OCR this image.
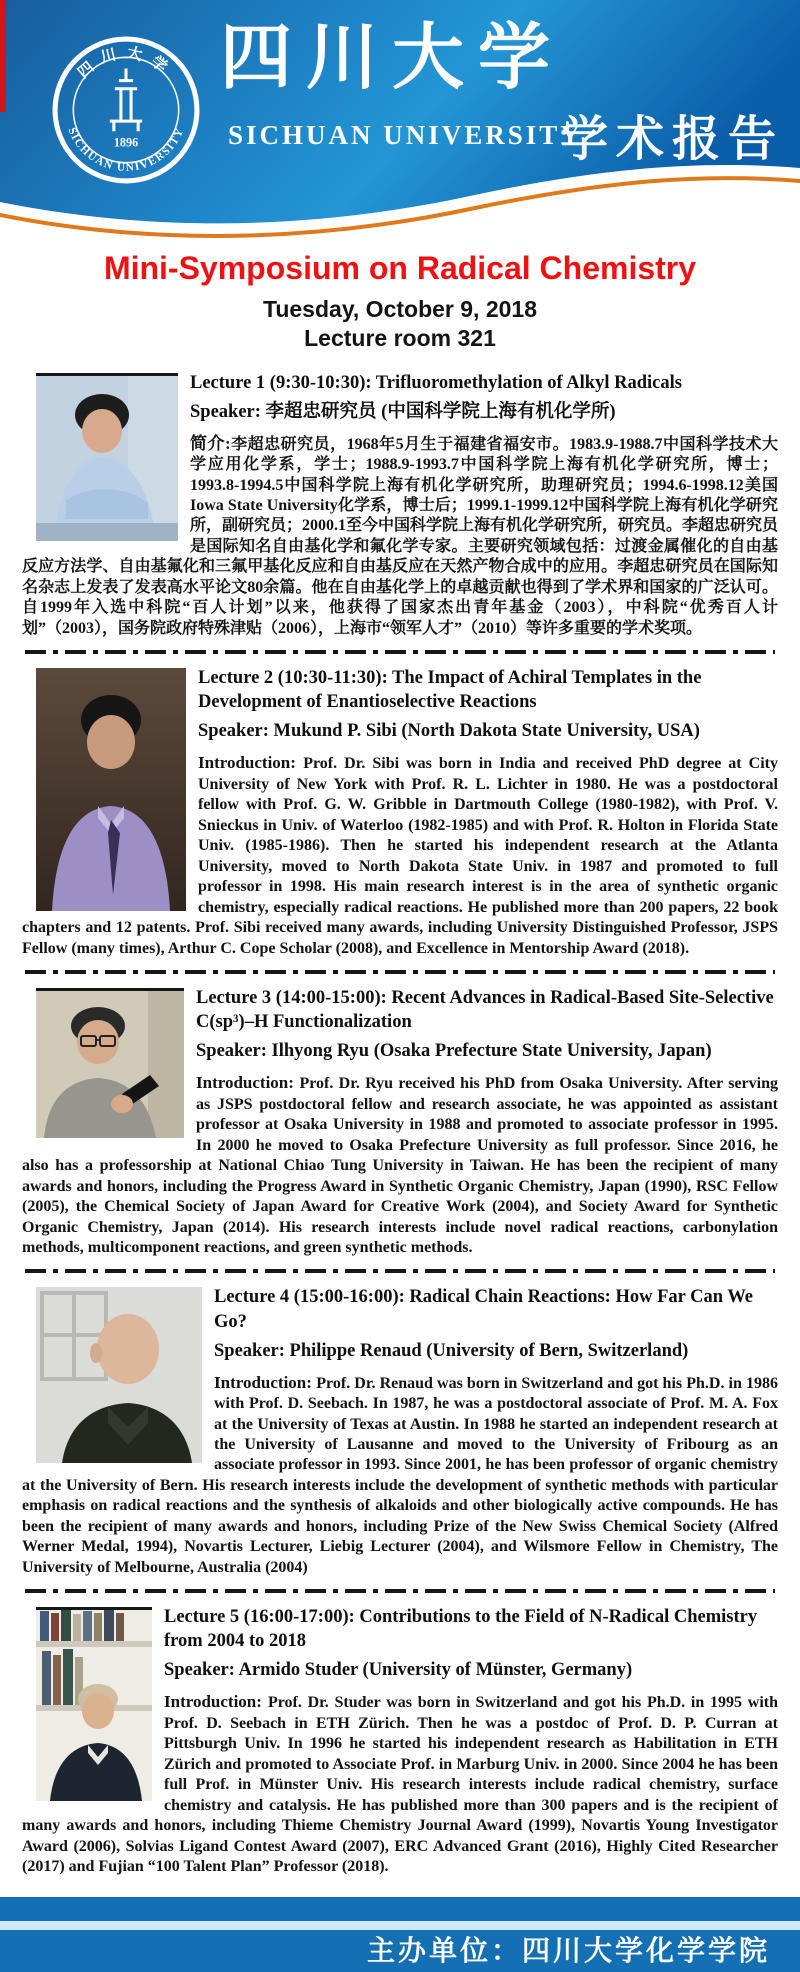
四川大学
SICHUAN UNIVERSITY
1896
四川大学
SICHUAN UNIVERSITY
学术报告
Mini-Symposium on Radical Chemistry
Tuesday, October 9, 2018
Lecture room 321
Lecture 1 (9:30-10:30): Trifluoromethylation of Alkyl Radicals
Speaker: 李超忠研究员 (中国科学院上海有机化学所)

简介:李超忠研究员，1968年5月生于福建省福安市。1983.9-1988.7中国科学技术大学应用化学系，学士；1988.9-1993.7中国科学院上海有机化学研究所，博士；1993.8-1994.5中国科学院上海有机化学研究所，助理研究员；1994.6-1998.12美国Iowa State University化学系，博士后；1999.1-1999.12中国科学院上海有机化学研究所，副研究员；2000.1至今中国科学院上海有机化学研究所，研究员。李超忠研究员是国际知名自由基化学和氟化学专家。主要研究领域包括：过渡金属催化的自由基反应方法学、自由基氟化和三氟甲基化反应和自由基反应在天然产物合成中的应用。李超忠研究员在国际知名杂志上发表了发表高水平论文80余篇。他在自由基化学上的卓越贡献也得到了学术界和国家的广泛认可。自1999年入选中科院“百人计划”以来，他获得了国家杰出青年基金（2003），中科院“优秀百人计划”（2003），国务院政府特殊津贴（2006），上海市“领军人才”（2010）等许多重要的学术奖项。

Lecture 2 (10:30-11:30): The Impact of Achiral Templates in the Development of Enantioselective Reactions
Speaker: Mukund P. Sibi (North Dakota State University, USA)

Introduction: Prof. Dr. Sibi was born in India and received PhD degree at City University of New York with Prof. R. L. Lichter in 1980. He was a postdoctoral fellow with Prof. G. W. Gribble in Dartmouth College (1980-1982), with Prof. V. Snieckus in Univ. of Waterloo (1982-1985) and with Prof. R. Holton in Florida State Univ. (1985-1986). Then he started his independent research at the Atlanta University, moved to North Dakota State Univ. in 1987 and promoted to full professor in 1998. His main research interest is in the area of synthetic organic chemistry, especially radical reactions. He published more than 200 papers, 22 book chapters and 12 patents. Prof. Sibi received many awards, including University Distinguished Professor, JSPS Fellow (many times), Arthur C. Cope Scholar (2008), and Excellence in Mentorship Award (2018).

Lecture 3 (14:00-15:00): Recent Advances in Radical-Based Site-Selective C(sp³)–H Functionalization
Speaker: Ilhyong Ryu (Osaka Prefecture State University, Japan)

Introduction: Prof. Dr. Ryu received his PhD from Osaka University. After serving as JSPS postdoctoral fellow and research associate, he was appointed as assistant professor at Osaka University in 1988 and promoted to associate professor in 1995. In 2000 he moved to Osaka Prefecture University as full professor. Since 2016, he also has a professorship at National Chiao Tung University in Taiwan. He has been the recipient of many awards and honors, including the Progress Award in Synthetic Organic Chemistry, Japan (1990), RSC Fellow (2005), the Chemical Society of Japan Award for Creative Work (2004), and Society Award for Synthetic Organic Chemistry, Japan (2014). His research interests include novel radical reactions, carbonylation methods, multicomponent reactions, and green synthetic methods.

Lecture 4 (15:00-16:00): Radical Chain Reactions: How Far Can We Go?
Speaker: Philippe Renaud (University of Bern, Switzerland)

Introduction: Prof. Dr. Renaud was born in Switzerland and got his Ph.D. in 1986 with Prof. D. Seebach. In 1987, he was a postdoctoral associate of Prof. M. A. Fox at the University of Texas at Austin. In 1988 he started an independent research at the University of Lausanne and moved to the University of Fribourg as an associate professor in 1993. Since 2001, he has been professor of organic chemistry at the University of Bern. His research interests include the development of synthetic methods with particular emphasis on radical reactions and the synthesis of alkaloids and other biologically active compounds. He has been the recipient of many awards and honors, including Prize of the New Swiss Chemical Society (Alfred Werner Medal, 1994), Novartis Lecturer, Liebig Lecturer (2004), and Wilsmore Fellow in Chemistry, The University of Melbourne, Australia (2004)

Lecture 5 (16:00-17:00): Contributions to the Field of N-Radical Chemistry from 2004 to 2018
Speaker: Armido Studer (University of Münster, Germany)

Introduction: Prof. Dr. Studer was born in Switzerland and got his Ph.D. in 1995 with Prof. D. Seebach in ETH Zürich. Then he was a postdoc of Prof. D. P. Curran at Pittsburgh Univ. In 1996 he started his independent research as Habilitation in ETH Zürich and promoted to Associate Prof. in Marburg Univ. in 2000. Since 2004 he has been full Prof. in Münster Univ. His research interests include radical chemistry, surface chemistry and catalysis. He has published more than 300 papers and is the recipient of many awards and honors, including Thieme Chemistry Journal Award (1999), Novartis Young Investigator Award (2006), Solvias Ligand Contest Award (2007), ERC Advanced Grant (2016), Highly Cited Researcher (2017) and Fujian “100 Talent Plan” Professor (2018).

主办单位：四川大学化学学院
